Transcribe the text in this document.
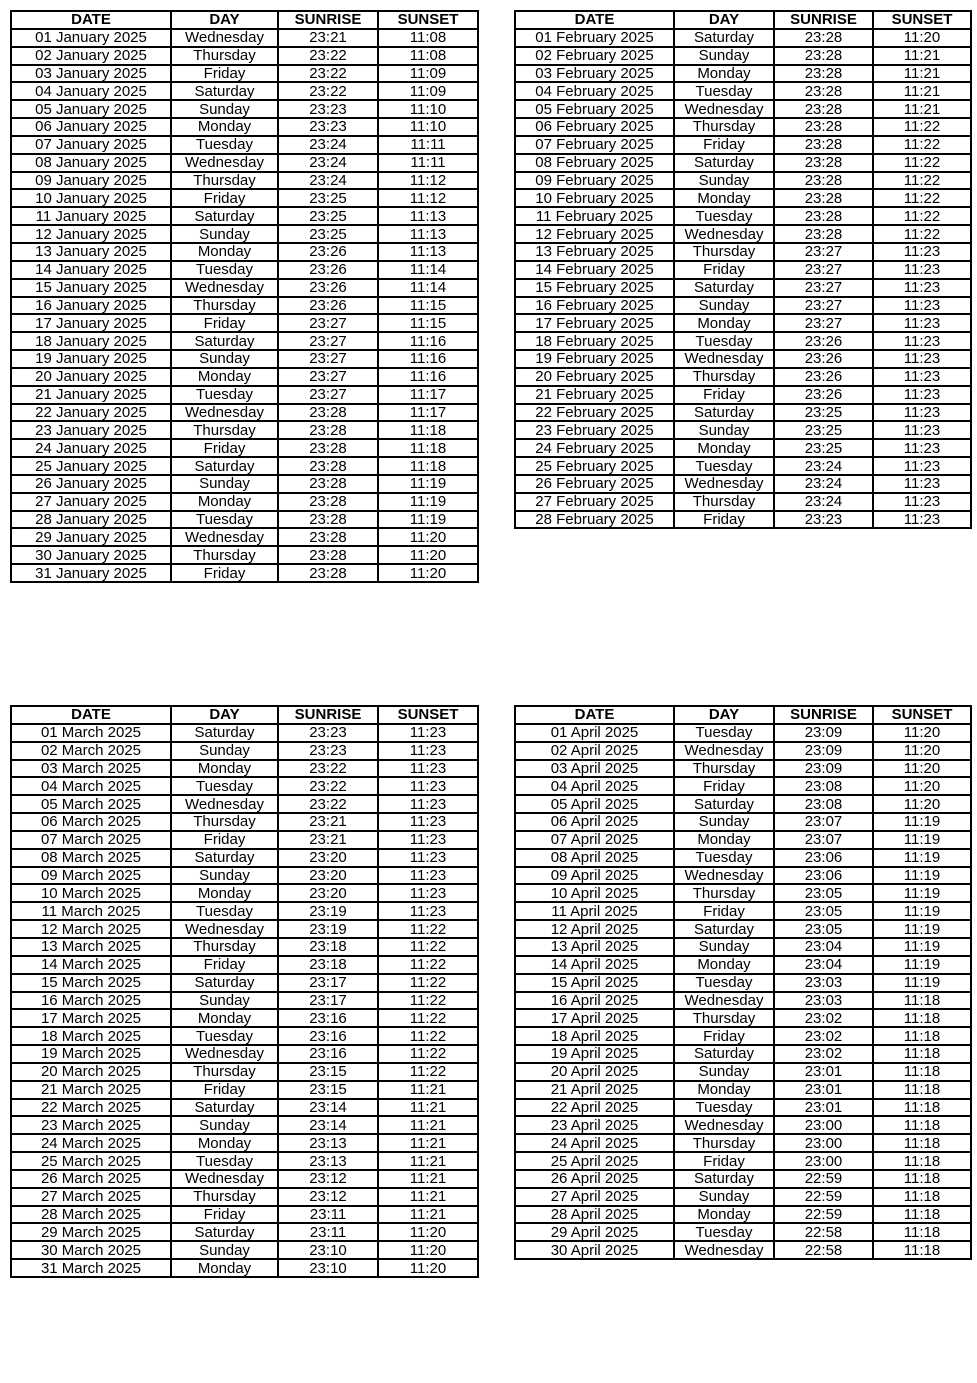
DATE	DAY	SUNRISE	SUNSET
01 January 2025	Wednesday	23:21	11:08
02 January 2025	Thursday	23:22	11:08
03 January 2025	Friday	23:22	11:09
04 January 2025	Saturday	23:22	11:09
05 January 2025	Sunday	23:23	11:10
06 January 2025	Monday	23:23	11:10
07 January 2025	Tuesday	23:24	11:11
08 January 2025	Wednesday	23:24	11:11
09 January 2025	Thursday	23:24	11:12
10 January 2025	Friday	23:25	11:12
11 January 2025	Saturday	23:25	11:13
12 January 2025	Sunday	23:25	11:13
13 January 2025	Monday	23:26	11:13
14 January 2025	Tuesday	23:26	11:14
15 January 2025	Wednesday	23:26	11:14
16 January 2025	Thursday	23:26	11:15
17 January 2025	Friday	23:27	11:15
18 January 2025	Saturday	23:27	11:16
19 January 2025	Sunday	23:27	11:16
20 January 2025	Monday	23:27	11:16
21 January 2025	Tuesday	23:27	11:17
22 January 2025	Wednesday	23:28	11:17
23 January 2025	Thursday	23:28	11:18
24 January 2025	Friday	23:28	11:18
25 January 2025	Saturday	23:28	11:18
26 January 2025	Sunday	23:28	11:19
27 January 2025	Monday	23:28	11:19
28 January 2025	Tuesday	23:28	11:19
29 January 2025	Wednesday	23:28	11:20
30 January 2025	Thursday	23:28	11:20
31 January 2025	Friday	23:28	11:20
DATE	DAY	SUNRISE	SUNSET
01 February 2025	Saturday	23:28	11:20
02 February 2025	Sunday	23:28	11:21
03 February 2025	Monday	23:28	11:21
04 February 2025	Tuesday	23:28	11:21
05 February 2025	Wednesday	23:28	11:21
06 February 2025	Thursday	23:28	11:22
07 February 2025	Friday	23:28	11:22
08 February 2025	Saturday	23:28	11:22
09 February 2025	Sunday	23:28	11:22
10 February 2025	Monday	23:28	11:22
11 February 2025	Tuesday	23:28	11:22
12 February 2025	Wednesday	23:28	11:22
13 February 2025	Thursday	23:27	11:23
14 February 2025	Friday	23:27	11:23
15 February 2025	Saturday	23:27	11:23
16 February 2025	Sunday	23:27	11:23
17 February 2025	Monday	23:27	11:23
18 February 2025	Tuesday	23:26	11:23
19 February 2025	Wednesday	23:26	11:23
20 February 2025	Thursday	23:26	11:23
21 February 2025	Friday	23:26	11:23
22 February 2025	Saturday	23:25	11:23
23 February 2025	Sunday	23:25	11:23
24 February 2025	Monday	23:25	11:23
25 February 2025	Tuesday	23:24	11:23
26 February 2025	Wednesday	23:24	11:23
27 February 2025	Thursday	23:24	11:23
28 February 2025	Friday	23:23	11:23
DATE	DAY	SUNRISE	SUNSET
01 March 2025	Saturday	23:23	11:23
02 March 2025	Sunday	23:23	11:23
03 March 2025	Monday	23:22	11:23
04 March 2025	Tuesday	23:22	11:23
05 March 2025	Wednesday	23:22	11:23
06 March 2025	Thursday	23:21	11:23
07 March 2025	Friday	23:21	11:23
08 March 2025	Saturday	23:20	11:23
09 March 2025	Sunday	23:20	11:23
10 March 2025	Monday	23:20	11:23
11 March 2025	Tuesday	23:19	11:23
12 March 2025	Wednesday	23:19	11:22
13 March 2025	Thursday	23:18	11:22
14 March 2025	Friday	23:18	11:22
15 March 2025	Saturday	23:17	11:22
16 March 2025	Sunday	23:17	11:22
17 March 2025	Monday	23:16	11:22
18 March 2025	Tuesday	23:16	11:22
19 March 2025	Wednesday	23:16	11:22
20 March 2025	Thursday	23:15	11:22
21 March 2025	Friday	23:15	11:21
22 March 2025	Saturday	23:14	11:21
23 March 2025	Sunday	23:14	11:21
24 March 2025	Monday	23:13	11:21
25 March 2025	Tuesday	23:13	11:21
26 March 2025	Wednesday	23:12	11:21
27 March 2025	Thursday	23:12	11:21
28 March 2025	Friday	23:11	11:21
29 March 2025	Saturday	23:11	11:20
30 March 2025	Sunday	23:10	11:20
31 March 2025	Monday	23:10	11:20
DATE	DAY	SUNRISE	SUNSET
01 April 2025	Tuesday	23:09	11:20
02 April 2025	Wednesday	23:09	11:20
03 April 2025	Thursday	23:09	11:20
04 April 2025	Friday	23:08	11:20
05 April 2025	Saturday	23:08	11:20
06 April 2025	Sunday	23:07	11:19
07 April 2025	Monday	23:07	11:19
08 April 2025	Tuesday	23:06	11:19
09 April 2025	Wednesday	23:06	11:19
10 April 2025	Thursday	23:05	11:19
11 April 2025	Friday	23:05	11:19
12 April 2025	Saturday	23:05	11:19
13 April 2025	Sunday	23:04	11:19
14 April 2025	Monday	23:04	11:19
15 April 2025	Tuesday	23:03	11:19
16 April 2025	Wednesday	23:03	11:18
17 April 2025	Thursday	23:02	11:18
18 April 2025	Friday	23:02	11:18
19 April 2025	Saturday	23:02	11:18
20 April 2025	Sunday	23:01	11:18
21 April 2025	Monday	23:01	11:18
22 April 2025	Tuesday	23:01	11:18
23 April 2025	Wednesday	23:00	11:18
24 April 2025	Thursday	23:00	11:18
25 April 2025	Friday	23:00	11:18
26 April 2025	Saturday	22:59	11:18
27 April 2025	Sunday	22:59	11:18
28 April 2025	Monday	22:59	11:18
29 April 2025	Tuesday	22:58	11:18
30 April 2025	Wednesday	22:58	11:18
